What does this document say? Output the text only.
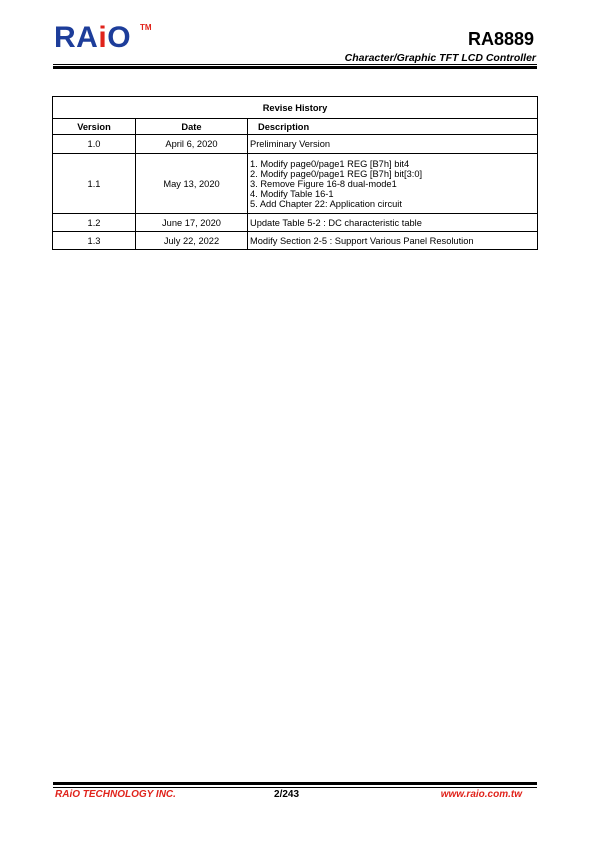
RAiO TM
RA8889
Character/Graphic TFT LCD Controller
Revise History		
Version	Date	Description
1.0	April 6, 2020	Preliminary Version

1.1	May 13, 2020	1. Modify page0/page1 REG [B7h] bit4
2. Modify page0/page1 REG [B7h] bit[3:0]
3. Remove Figure 16-8 dual-mode1
4. Modify Table 16-1
5. Add Chapter 22: Application circuit

1.2	June 17, 2020	Update Table 5-2 : DC characteristic table

1.3	July 22, 2022	Modify Section 2-5 : Support Various Panel Resolution
RAiO TECHNOLOGY INC.	2/243	www.raio.com.tw
